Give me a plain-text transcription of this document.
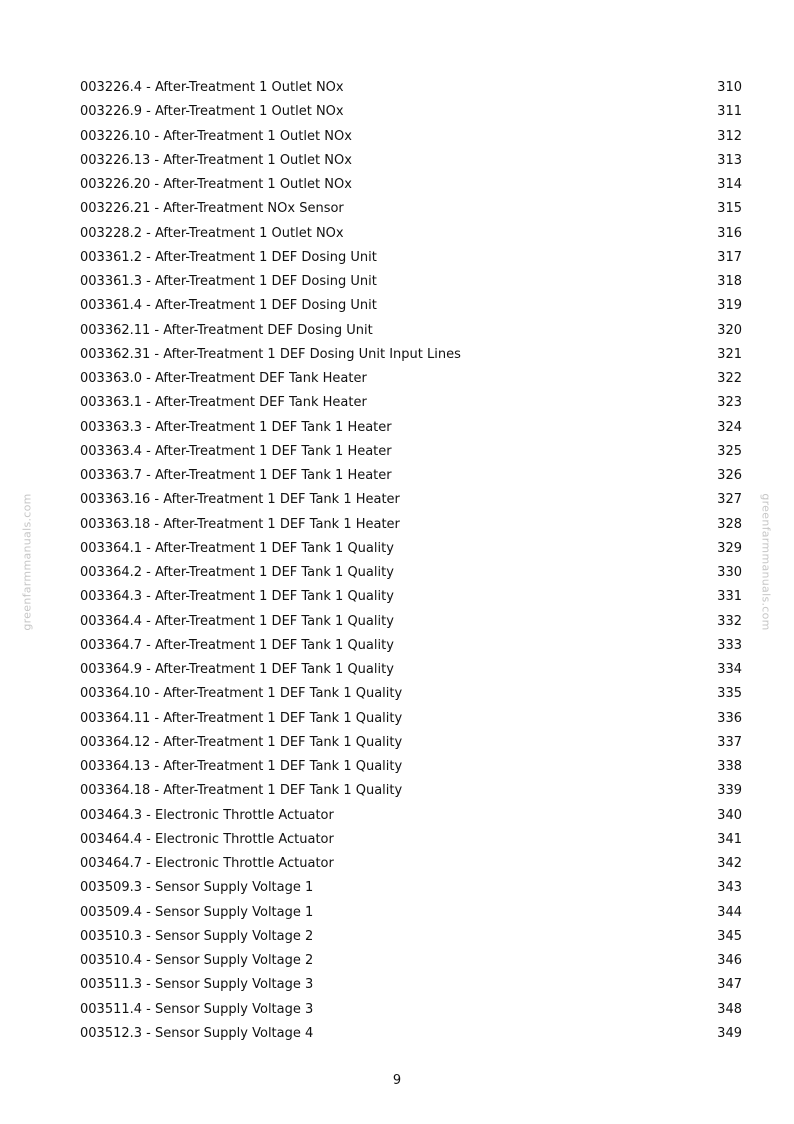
003226.4 - After-Treatment 1 Outlet NOx	310
003226.9 - After-Treatment 1 Outlet NOx	311
003226.10 - After-Treatment 1 Outlet NOx	312
003226.13 - After-Treatment 1 Outlet NOx	313
003226.20 - After-Treatment 1 Outlet NOx	314
003226.21 - After-Treatment NOx Sensor	315
003228.2 - After-Treatment 1 Outlet NOx	316
003361.2 - After-Treatment 1 DEF Dosing Unit	317
003361.3 - After-Treatment 1 DEF Dosing Unit	318
003361.4 - After-Treatment 1 DEF Dosing Unit	319
003362.11 - After-Treatment DEF Dosing Unit	320
003362.31 - After-Treatment 1 DEF Dosing Unit Input Lines	321
003363.0 - After-Treatment DEF Tank Heater	322
003363.1 - After-Treatment DEF Tank Heater	323
003363.3 - After-Treatment 1 DEF Tank 1 Heater	324
003363.4 - After-Treatment 1 DEF Tank 1 Heater	325
003363.7 - After-Treatment 1 DEF Tank 1 Heater	326
003363.16 - After-Treatment 1 DEF Tank 1 Heater	327
003363.18 - After-Treatment 1 DEF Tank 1 Heater	328
003364.1 - After-Treatment 1 DEF Tank 1 Quality	329
003364.2 - After-Treatment 1 DEF Tank 1 Quality	330
003364.3 - After-Treatment 1 DEF Tank 1 Quality	331
003364.4 - After-Treatment 1 DEF Tank 1 Quality	332
003364.7 - After-Treatment 1 DEF Tank 1 Quality	333
003364.9 - After-Treatment 1 DEF Tank 1 Quality	334
003364.10 - After-Treatment 1 DEF Tank 1 Quality	335
003364.11 - After-Treatment 1 DEF Tank 1 Quality	336
003364.12 - After-Treatment 1 DEF Tank 1 Quality	337
003364.13 - After-Treatment 1 DEF Tank 1 Quality	338
003364.18 - After-Treatment 1 DEF Tank 1 Quality	339
003464.3 - Electronic Throttle Actuator	340
003464.4 - Electronic Throttle Actuator	341
003464.7 - Electronic Throttle Actuator	342
003509.3 - Sensor Supply Voltage 1	343
003509.4 - Sensor Supply Voltage 1	344
003510.3 - Sensor Supply Voltage 2	345
003510.4 - Sensor Supply Voltage 2	346
003511.3 - Sensor Supply Voltage 3	347
003511.4 - Sensor Supply Voltage 3	348
003512.3 - Sensor Supply Voltage 4	349
9
greenfarmmanuals.com	greenfarmmanuals.com
